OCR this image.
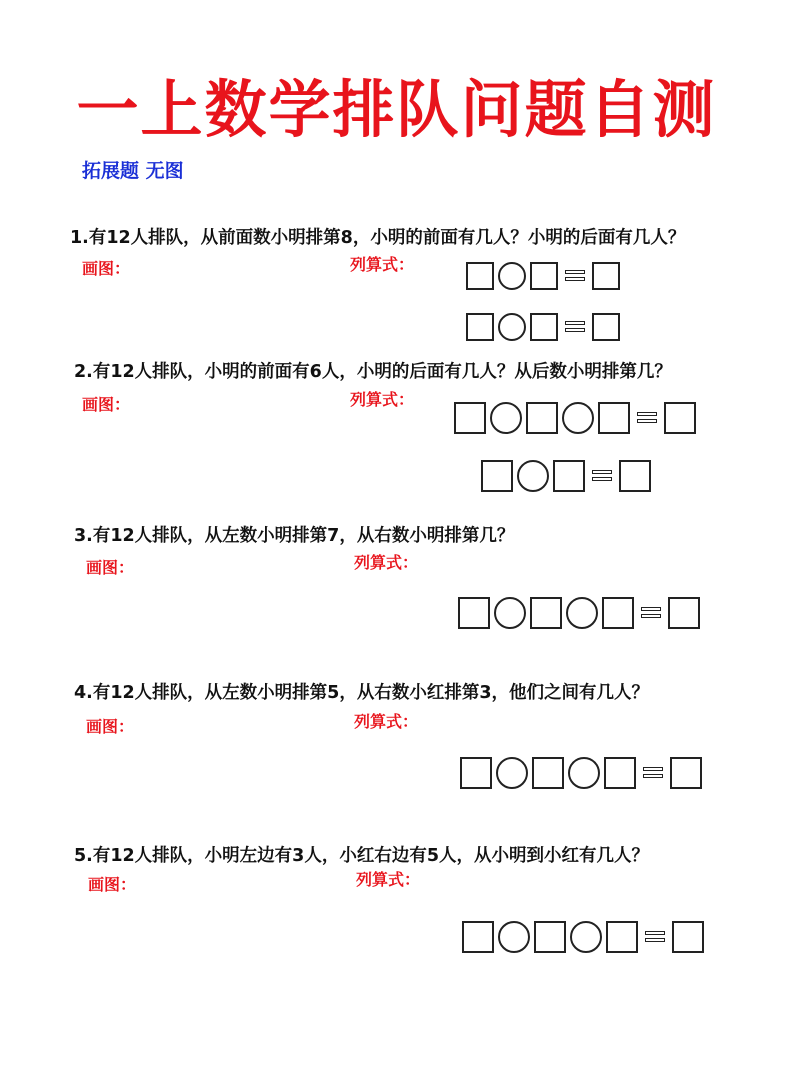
一上数学排队问题自测
拓展题 无图
1.有12人排队，从前面数小明排第8，小明的前面有几人？小明的后面有几人？
画图：	列算式：
2.有12人排队，小明的前面有6人，小明的后面有几人？从后数小明排第几？
画图：	列算式：
3.有12人排队，从左数小明排第7，从右数小明排第几？
画图：	列算式：
4.有12人排队，从左数小明排第5，从右数小红排第3，他们之间有几人？
画图：	列算式：
5.有12人排队，小明左边有3人，小红右边有5人，从小明到小红有几人？
画图：	列算式：
